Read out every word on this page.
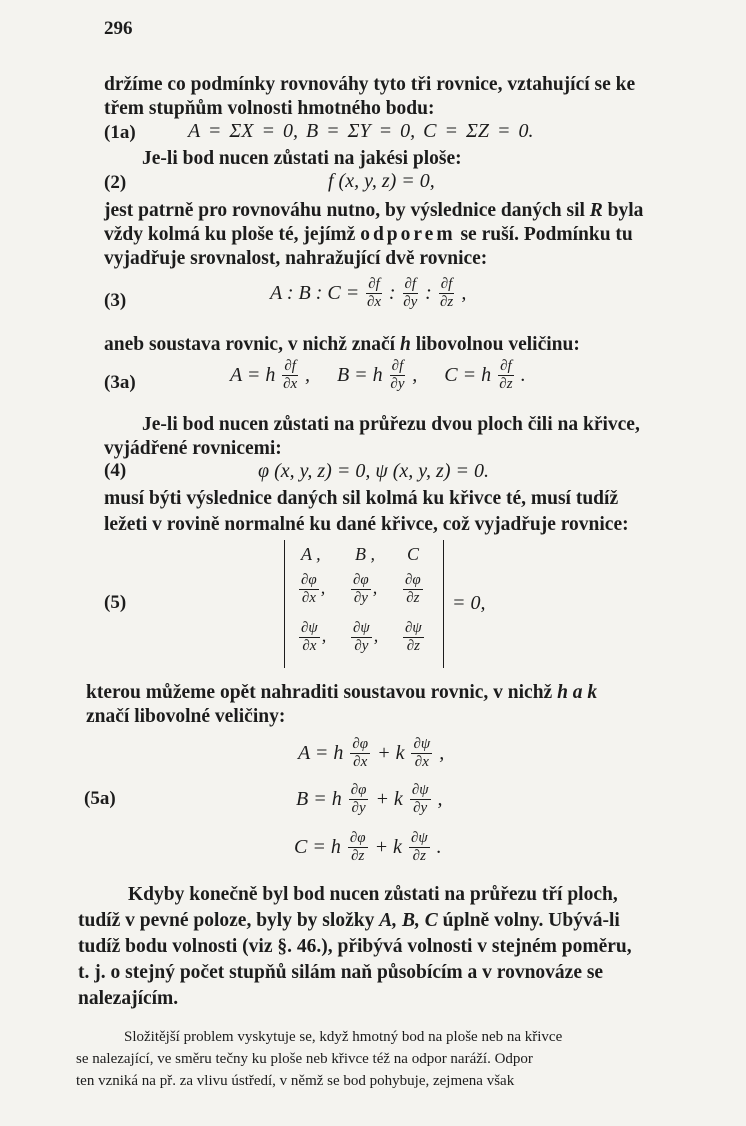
296
držíme co podmínky rovnováhy tyto tři rovnice, vztahující se ke
třem stupňům volnosti hmotného bodu:
(1a)	A = ΣX = 0, B = ΣY = 0, C = ΣZ = 0.
Je-li bod nucen zůstati na jakési ploše:
(2)	f (x, y, z) = 0,
jest patrně pro rovnováhu nutno, by výslednice daných sil R byla
vždy kolmá ku ploše té, jejímž odporem se ruší. Podmínku tu
vyjadřuje srovnalost, nahražující dvě rovnice:
(3)	A : B : $C = \frac{\partial f}{\partial x}$ : $\frac{\partial f}{\partial y}$ : $\frac{\partial f}{\partial z}$ ,
aneb soustava rovnic, v nichž značí h libovolnou veličinu:
(3a)	A = h $\frac{\partial f}{\partial x}$ , B = h $\frac{\partial f}{\partial y}$ , C = h $\frac{\partial f}{\partial z}$ .
Je-li bod nucen zůstati na průřezu dvou ploch čili na křivce,
vyjádřené rovnicemi:
(4)	φ (x, y, z) = 0, ψ (x, y, z) = 0.
musí býti výslednice daných sil kolmá ku křivce té, musí tudíž
ležeti v rovině normalné ku dané křivce, což vyjadřuje rovnice:
(5)
A , B , C
$\frac{\partial\varphi}{\partial x}$ , $\frac{\partial\varphi}{\partial y}$ , $\frac{\partial\varphi}{\partial z}$
$\frac{\partial\psi}{\partial x}$ , $\frac{\partial\psi}{\partial y}$ , $\frac{\partial\psi}{\partial z}$
= 0,
kterou můžeme opět nahraditi soustavou rovnic, v nichž h a k
značí libovolné veličiny:
A = h $\frac{\partial\varphi}{\partial x} + k \frac{\partial\psi}{\partial x}$ ,
(5a)	B = h $\frac{\partial\varphi}{\partial y} + k \frac{\partial\psi}{\partial y}$ ,
C = h $\frac{\partial\varphi}{\partial z} + k \frac{\partial\psi}{\partial z}$ .
Kdyby konečně byl bod nucen zůstati na průřezu tří ploch,
tudíž v pevné poloze, byly by složky A, B, C úplně volny. Ubývá-li
tudíž bodu volnosti (viz §. 46.), přibývá volnosti v stejném poměru,
t. j. o stejný počet stupňů silám naň působícím a v rovnováze se
nalezajícím.
Složitější problem vyskytuje se, když hmotný bod na ploše neb na křivce
se nalezající, ve směru tečny ku ploše neb křivce též na odpor naráží. Odpor
ten vzniká na př. za vlivu ústředí, v němž se bod pohybuje, zejmena však
